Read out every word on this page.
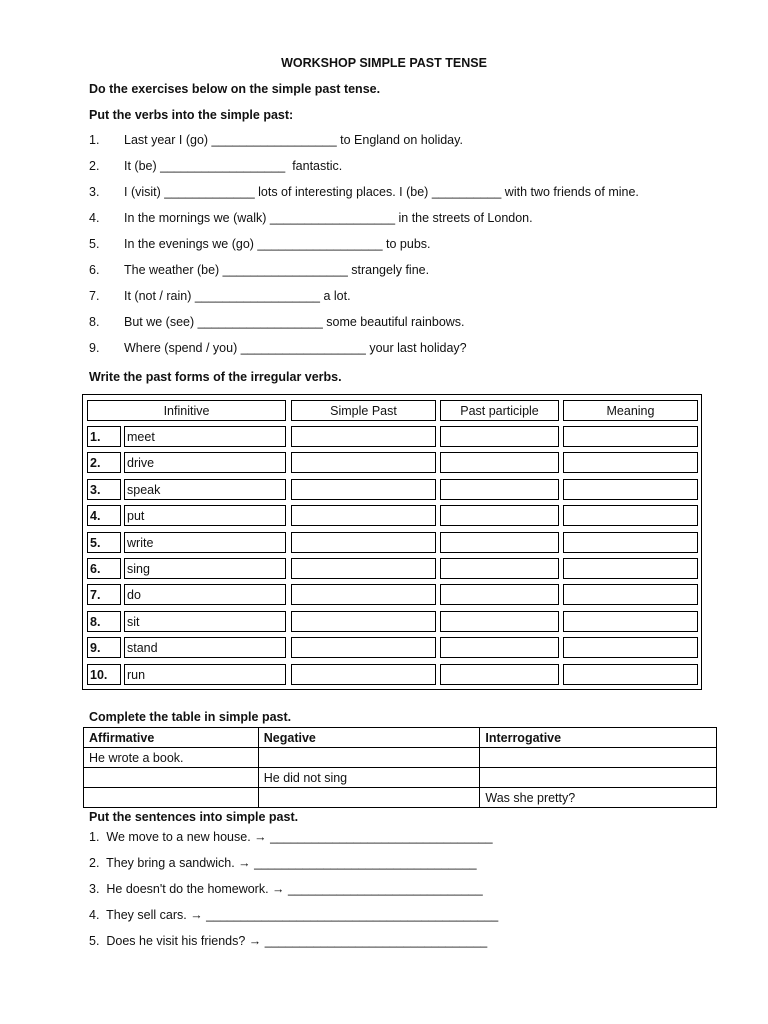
WORKSHOP SIMPLE PAST TENSE
Do the exercises below on the simple past tense.
Put the verbs into the simple past:
1. Last year I (go) __________________ to England on holiday.
2. It (be) __________________  fantastic.
3. I (visit) _____________ lots of interesting places. I (be) __________ with two friends of mine.
4. In the mornings we (walk) __________________ in the streets of London.
5. In the evenings we (go) __________________ to pubs.
6. The weather (be) __________________ strangely fine.
7. It (not / rain) __________________ a lot.
8. But we (see) __________________ some beautiful rainbows.
9. Where (spend / you) __________________ your last holiday?
Write the past forms of the irregular verbs.
Infinitive	Simple Past	Past participle	Meaning
1.	meet
2.	drive
3.	speak
4.	put
5.	write
6.	sing
7.	do
8.	sit
9.	stand
10.	run
Complete the table in simple past.
Affirmative	Negative	Interrogative
He wrote a book.		
	He did not sing	
		Was she pretty?
Put the sentences into simple past.
1.  We move to a new house. → ________________________________
2.  They bring a sandwich. → ________________________________
3.  He doesn't do the homework. → ____________________________
4.  They sell cars. → __________________________________________
5.  Does he visit his friends? → ________________________________
